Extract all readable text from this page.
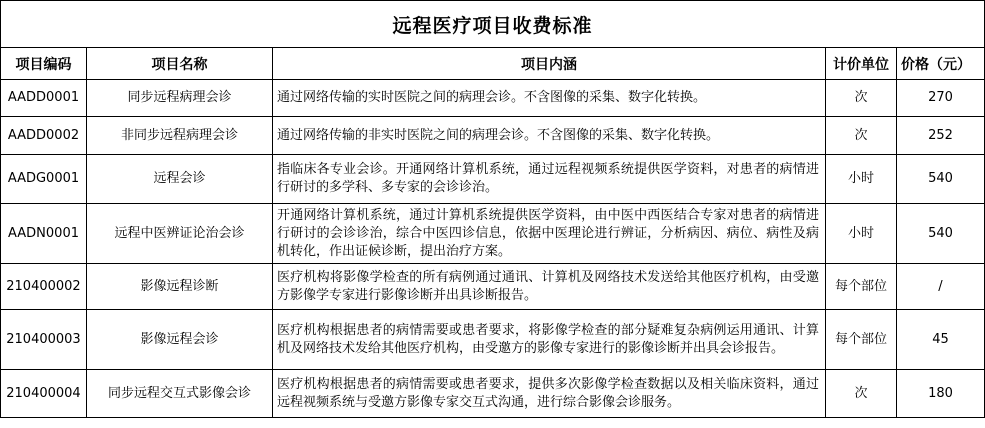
远程医疗项目收费标准				
项目编码	项目名称	项目内涵	计价单位	价格（元）
AADD0001	同步远程病理会诊	通过网络传输的实时医院之间的病理会诊。不含图像的采集、数字化转换。	次	270
AADD0002	非同步远程病理会诊	通过网络传输的非实时医院之间的病理会诊。不含图像的采集、数字化转换。	次	252
AADG0001	远程会诊	指临床各专业会诊。开通网络计算机系统，通过远程视频系统提供医学资料，对患者的病情进行研讨的多学科、多专家的会诊诊治。	小时	540
AADN0001	远程中医辨证论治会诊	开通网络计算机系统，通过计算机系统提供医学资料，由中医中西医结合专家对患者的病情进行研讨的会诊诊治，综合中医四诊信息，依据中医理论进行辨证，分析病因、病位、病性及病机转化，作出证候诊断，提出治疗方案。	小时	540
210400002	影像远程诊断	医疗机构将影像学检查的所有病例通过通讯、计算机及网络技术发送给其他医疗机构，由受邀方影像学专家进行影像诊断并出具诊断报告。	每个部位	/
210400003	影像远程会诊	医疗机构根据患者的病情需要或患者要求，将影像学检查的部分疑难复杂病例运用通讯、计算机及网络技术发给其他医疗机构，由受邀方的影像专家进行的影像诊断并出具会诊报告。	每个部位	45
210400004	同步远程交互式影像会诊	医疗机构根据患者的病情需要或患者要求，提供多次影像学检查数据以及相关临床资料，通过远程视频系统与受邀方影像专家交互式沟通，进行综合影像会诊服务。	次	180
